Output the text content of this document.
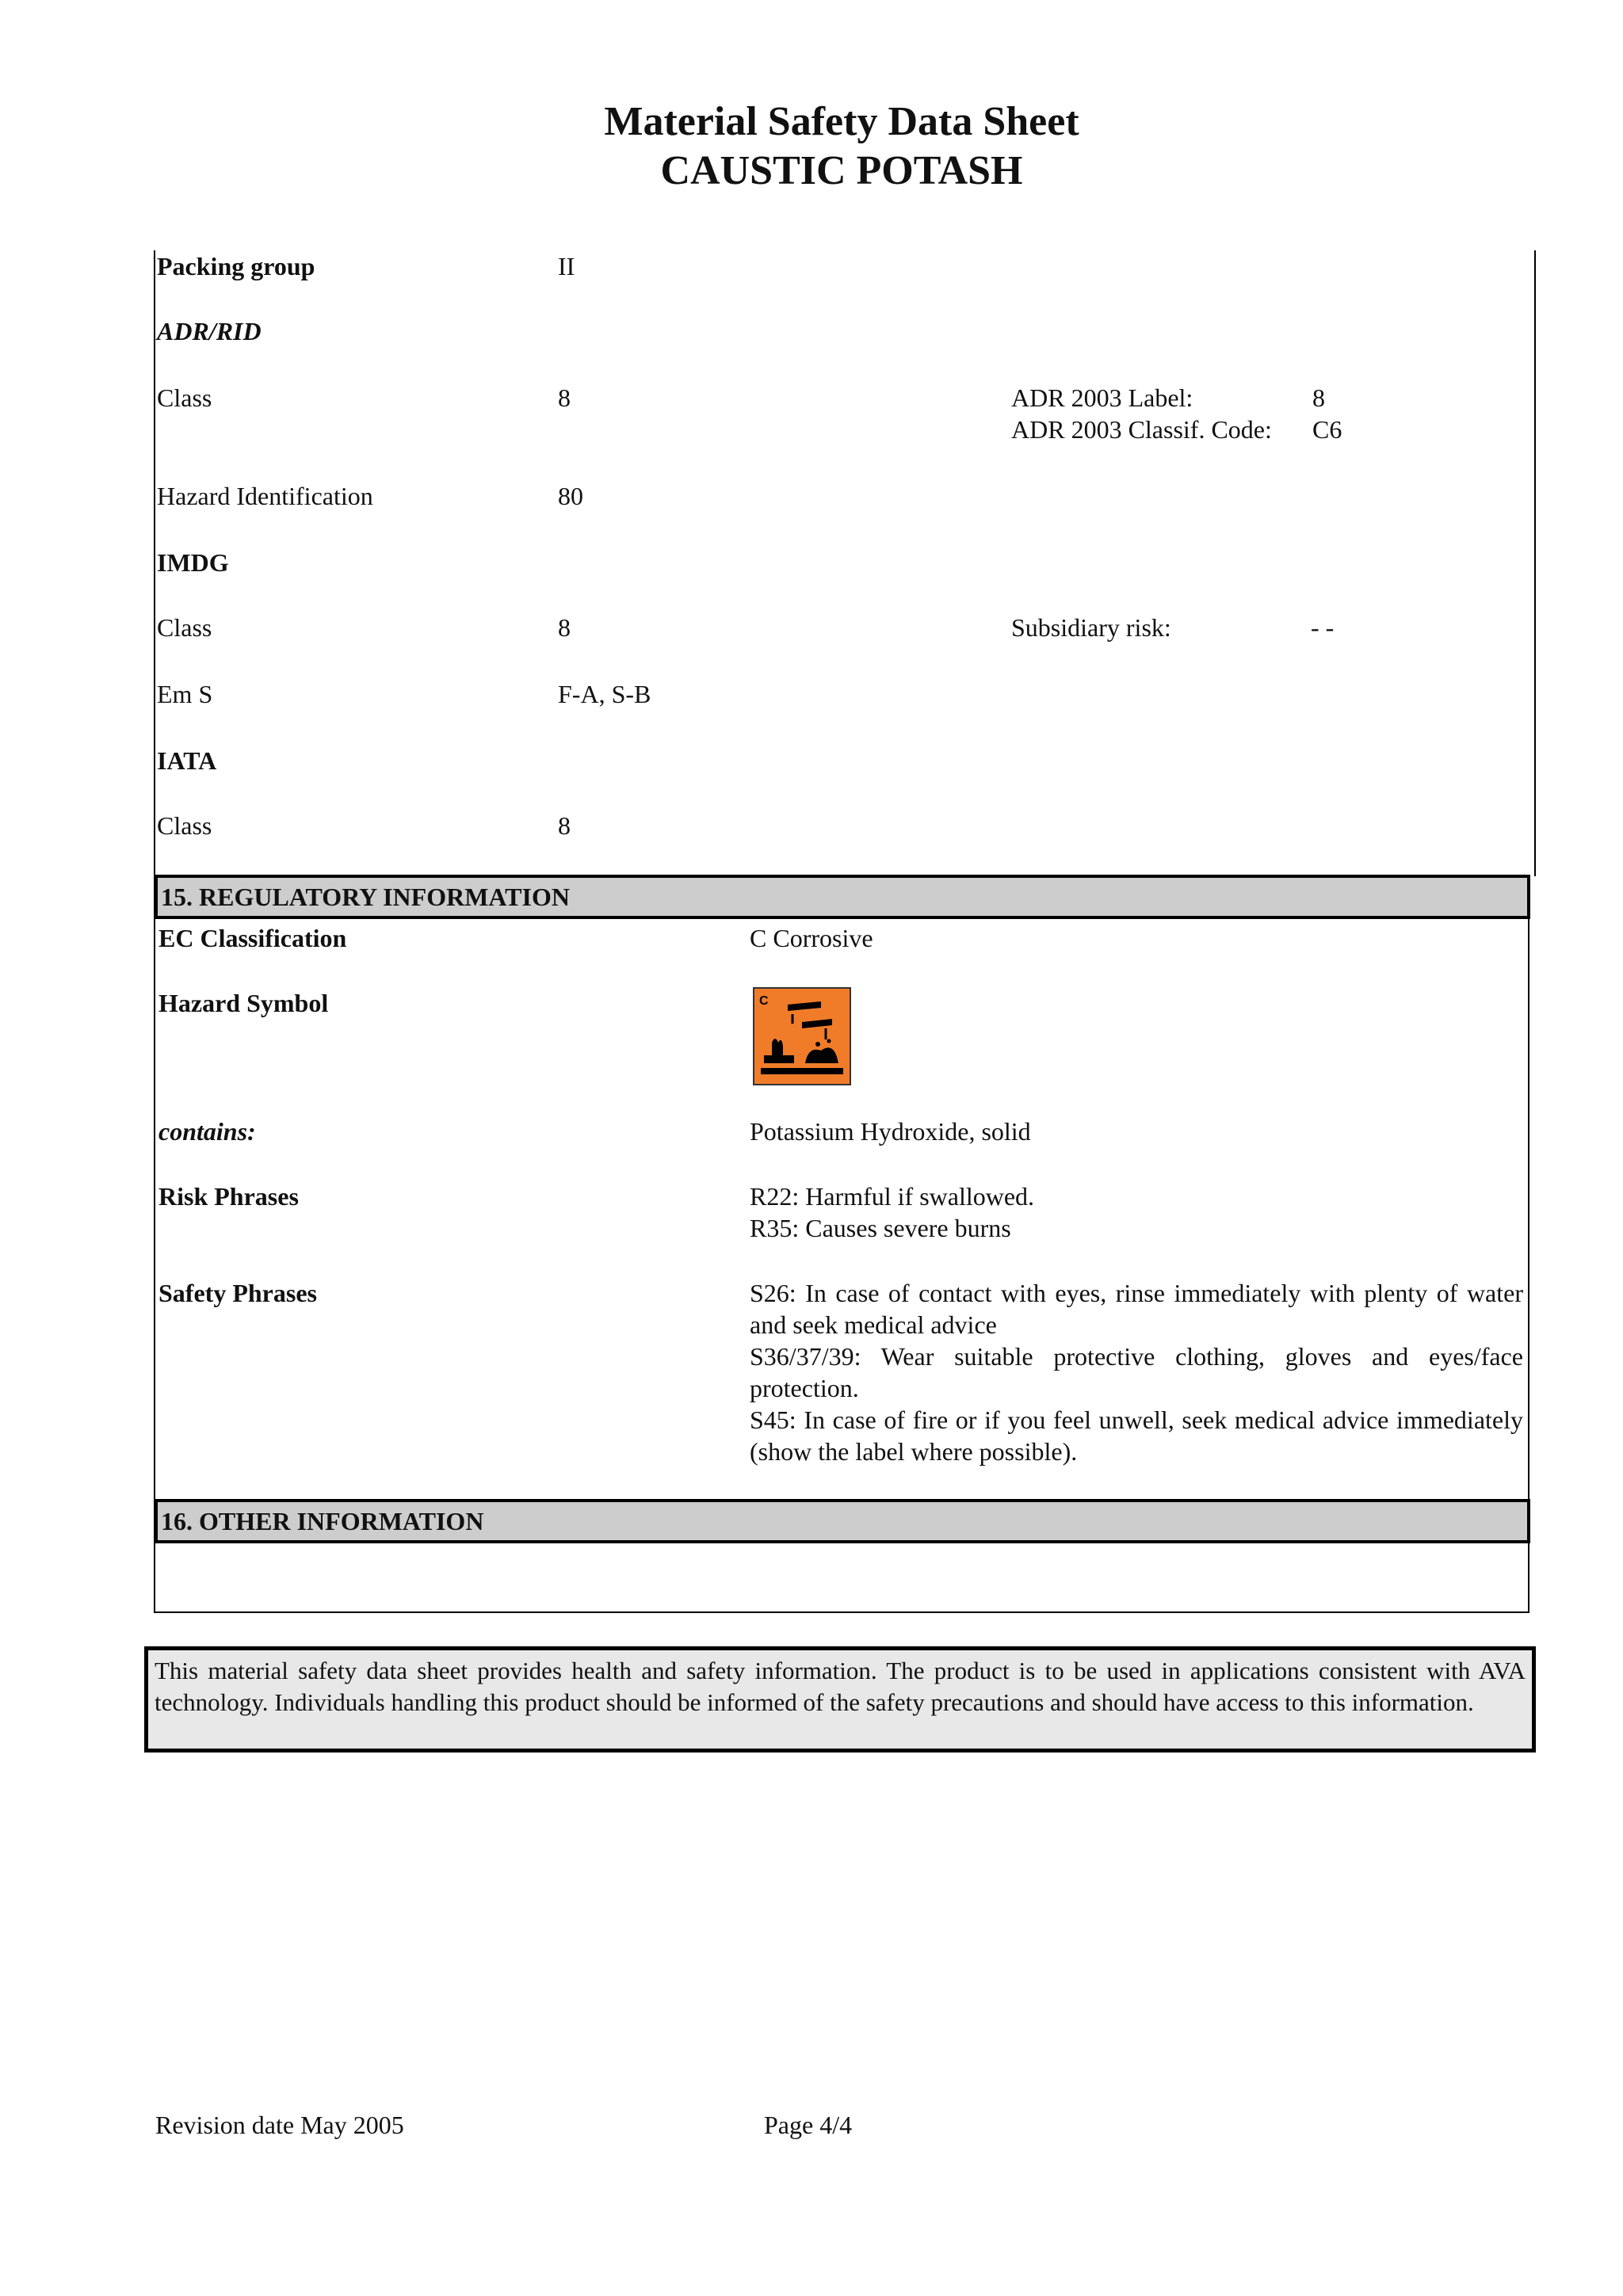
Material Safety Data Sheet
CAUSTIC POTASH
Packing group	II
ADR/RID
Class	8	ADR 2003 Label:	8
ADR 2003 Classif. Code: C6
Hazard Identification	80
IMDG
Class	8	Subsidiary risk:	- -
Em S	F-A, S-B
IATA
Class	8
15. REGULATORY INFORMATION
EC Classification	C Corrosive
Hazard Symbol	C
contains:	Potassium Hydroxide, solid
Risk Phrases	R22: Harmful if swallowed.
R35: Causes severe burns
Safety Phrases	S26: In case of contact with eyes, rinse immediately with plenty of water and seek medical advice
S36/37/39: Wear suitable protective clothing, gloves and eyes/face protection.
S45: In case of fire or if you feel unwell, seek medical advice immediately (show the label where possible).
16. OTHER INFORMATION
This material safety data sheet provides health and safety information. The product is to be used in applications consistent with AVA technology. Individuals handling this product should be informed of the safety precautions and should have access to this information.
Revision date May 2005	Page 4/4
